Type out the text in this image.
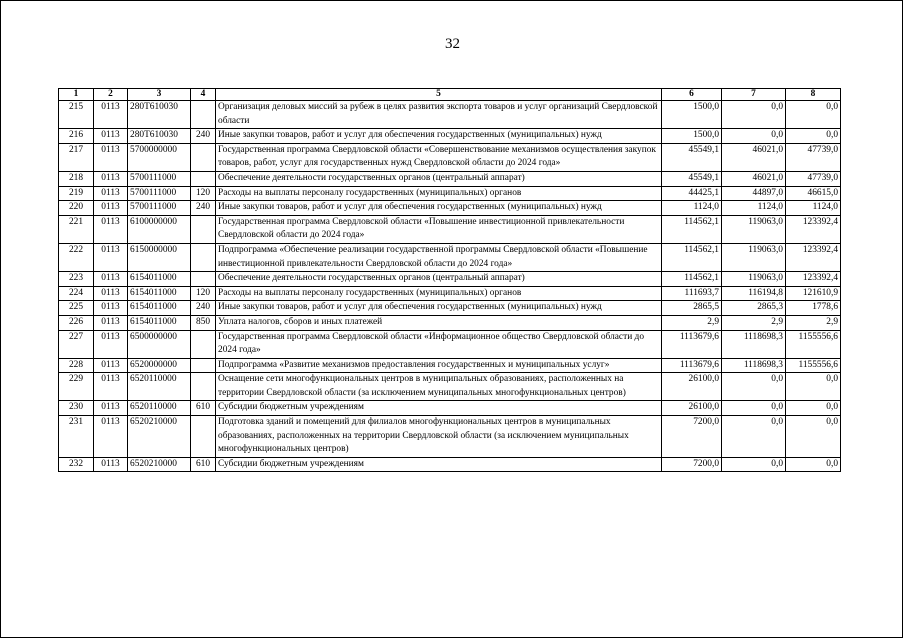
32
1	2	3	4	5	6	7	8
215	0113	280Т610030		Организация деловых миссий за рубеж в целях развития экспорта товаров и услуг организаций Свердловской области	1500,0	0,0	0,0
216	0113	280Т610030	240	Иные закупки товаров, работ и услуг для обеспечения государственных (муниципальных) нужд	1500,0	0,0	0,0
217	0113	5700000000		Государственная программа Свердловской области «Совершенствование механизмов осуществления закупок товаров, работ, услуг для государственных нужд Свердловской области до 2024 года»	45549,1	46021,0	47739,0
218	0113	5700111000		Обеспечение деятельности государственных органов (центральный аппарат)	45549,1	46021,0	47739,0
219	0113	5700111000	120	Расходы на выплаты персоналу государственных (муниципальных) органов	44425,1	44897,0	46615,0
220	0113	5700111000	240	Иные закупки товаров, работ и услуг для обеспечения государственных (муниципальных) нужд	1124,0	1124,0	1124,0
221	0113	6100000000		Государственная программа Свердловской области «Повышение инвестиционной привлекательности Свердловской области до 2024 года»	114562,1	119063,0	123392,4
222	0113	6150000000		Подпрограмма «Обеспечение реализации государственной программы Свердловской области «Повышение инвестиционной привлекательности Свердловской области до 2024 года»	114562,1	119063,0	123392,4
223	0113	6154011000		Обеспечение деятельности государственных органов (центральный аппарат)	114562,1	119063,0	123392,4
224	0113	6154011000	120	Расходы на выплаты персоналу государственных (муниципальных) органов	111693,7	116194,8	121610,9
225	0113	6154011000	240	Иные закупки товаров, работ и услуг для обеспечения государственных (муниципальных) нужд	2865,5	2865,3	1778,6
226	0113	6154011000	850	Уплата налогов, сборов и иных платежей	2,9	2,9	2,9
227	0113	6500000000		Государственная программа Свердловской области «Информационное общество Свердловской области до 2024 года»	1113679,6	1118698,3	1155556,6
228	0113	6520000000		Подпрограмма «Развитие механизмов предоставления государственных и муниципальных услуг»	1113679,6	1118698,3	1155556,6
229	0113	6520110000		Оснащение сети многофункциональных центров в муниципальных образованиях, расположенных на территории Свердловской области (за исключением муниципальных многофункциональных центров)	26100,0	0,0	0,0
230	0113	6520110000	610	Субсидии бюджетным учреждениям	26100,0	0,0	0,0
231	0113	6520210000		Подготовка зданий и помещений для филиалов многофункциональных центров в муниципальных образованиях, расположенных на территории Свердловской области (за исключением муниципальных многофункциональных центров)	7200,0	0,0	0,0
232	0113	6520210000	610	Субсидии бюджетным учреждениям	7200,0	0,0	0,0
